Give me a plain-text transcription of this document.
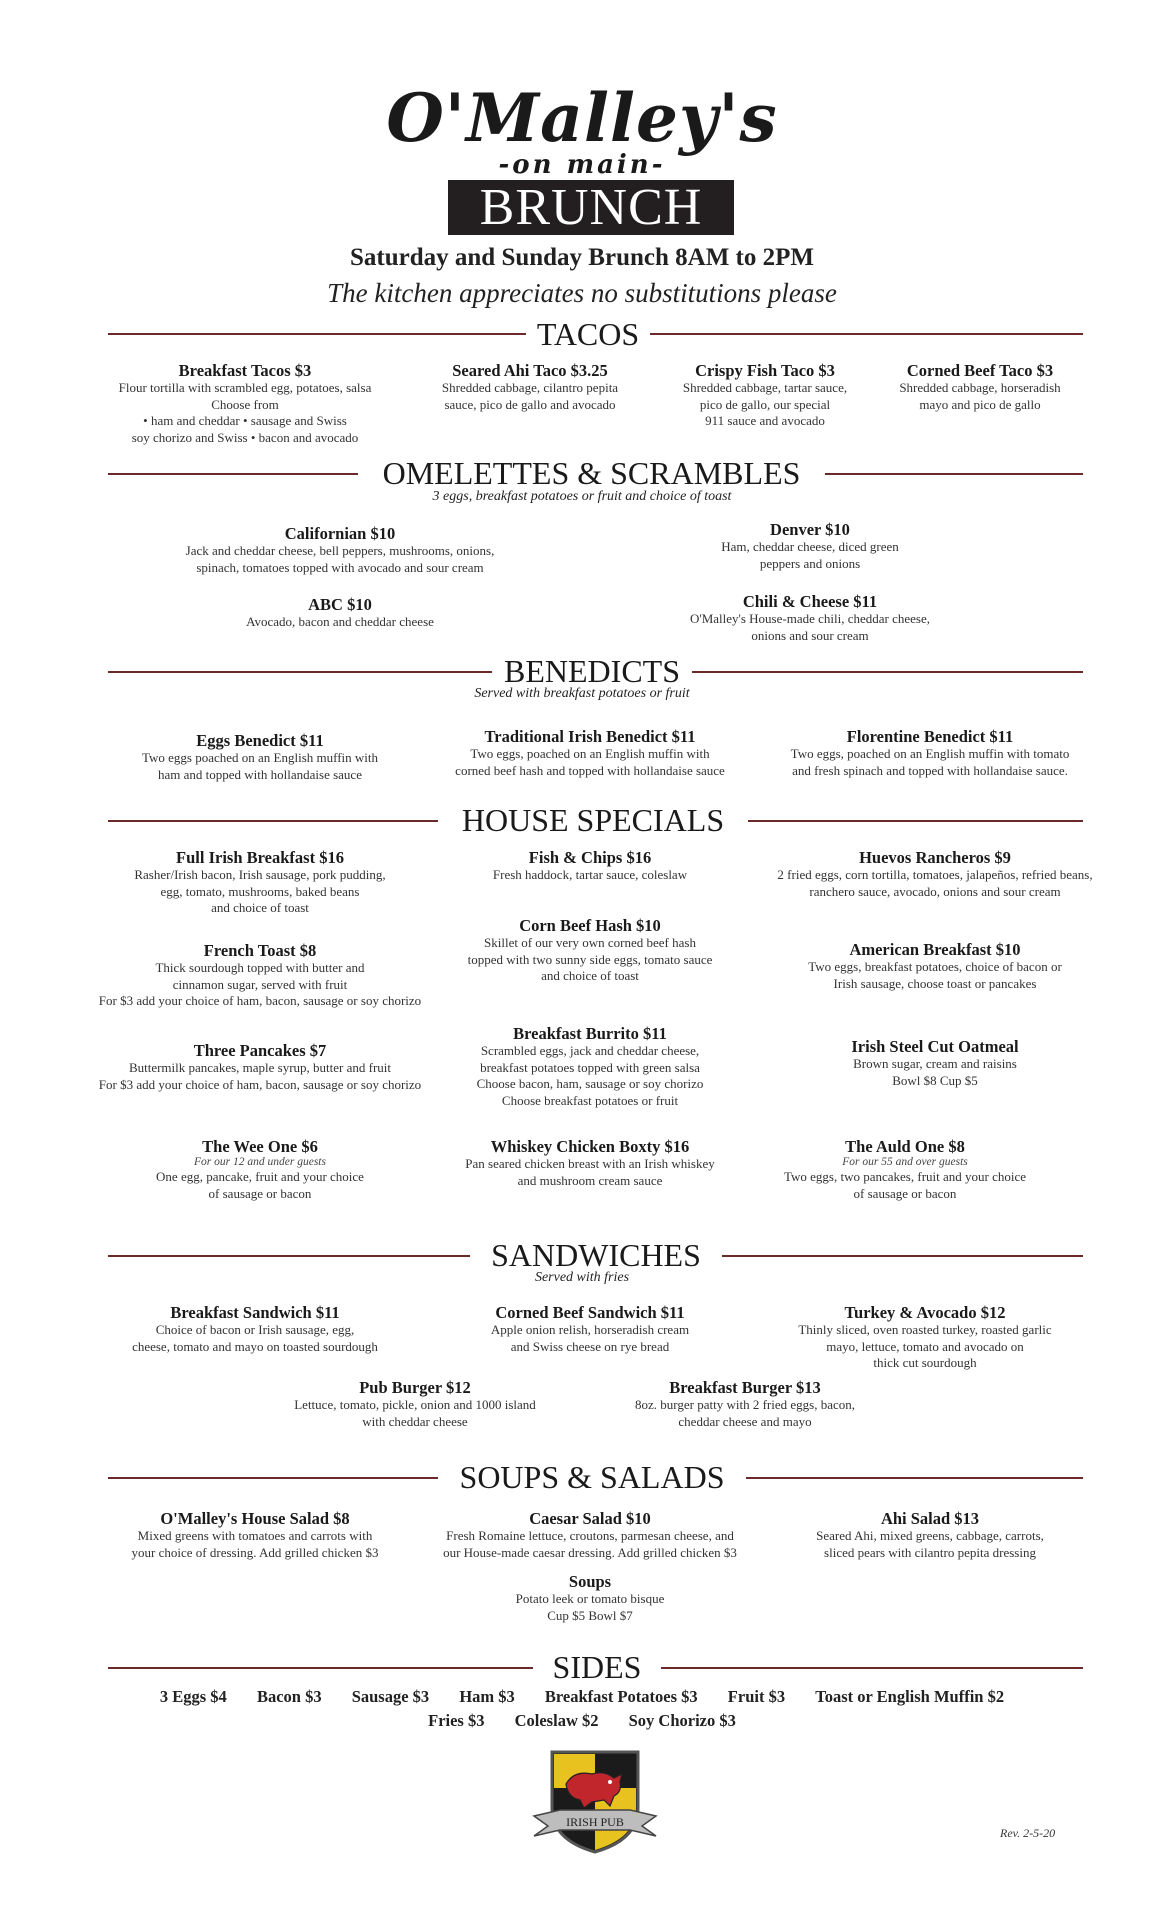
O'Malley's
-on main-
BRUNCH
Saturday and Sunday Brunch 8AM to 2PM
The kitchen appreciates no substitutions please
TACOS
Breakfast Tacos $3
Flour tortilla with scrambled egg, potatoes, salsa
Choose from
• ham and cheddar • sausage and Swiss
soy chorizo and Swiss • bacon and avocado
Seared Ahi Taco $3.25
Shredded cabbage, cilantro pepita
sauce, pico de gallo and avocado
Crispy Fish Taco $3
Shredded cabbage, tartar sauce,
pico de gallo, our special
911 sauce and avocado
Corned Beef Taco $3
Shredded cabbage, horseradish
mayo and pico de gallo
OMELETTES & SCRAMBLES
3 eggs, breakfast potatoes or fruit and choice of toast
Californian $10
Jack and cheddar cheese, bell peppers, mushrooms, onions,
spinach, tomatoes topped with avocado and sour cream
Denver $10
Ham, cheddar cheese, diced green
peppers and onions
ABC $10
Avocado, bacon and cheddar cheese
Chili & Cheese $11
O'Malley's House-made chili, cheddar cheese,
onions and sour cream
BENEDICTS
Served with breakfast potatoes or fruit
Eggs Benedict $11
Two eggs poached on an English muffin with
ham and topped with hollandaise sauce
Traditional Irish Benedict $11
Two eggs, poached on an English muffin with
corned beef hash and topped with hollandaise sauce
Florentine Benedict $11
Two eggs, poached on an English muffin with tomato
and fresh spinach and topped with hollandaise sauce.
HOUSE SPECIALS
Full Irish Breakfast $16
Rasher/Irish bacon, Irish sausage, pork pudding,
egg, tomato, mushrooms, baked beans
and choice of toast
Fish & Chips $16
Fresh haddock, tartar sauce, coleslaw
Huevos Rancheros $9
2 fried eggs, corn tortilla, tomatoes, jalapeños, refried beans,
ranchero sauce, avocado, onions and sour cream
Corn Beef Hash $10
Skillet of our very own corned beef hash
topped with two sunny side eggs, tomato sauce
and choice of toast
French Toast $8
Thick sourdough topped with butter and
cinnamon sugar, served with fruit
For $3 add your choice of ham, bacon, sausage or soy chorizo
American Breakfast $10
Two eggs, breakfast potatoes, choice of bacon or
Irish sausage, choose toast or pancakes
Breakfast Burrito $11
Scrambled eggs, jack and cheddar cheese,
breakfast potatoes topped with green salsa
Choose bacon, ham, sausage or soy chorizo
Choose breakfast potatoes or fruit
Three Pancakes $7
Buttermilk pancakes, maple syrup, butter and fruit
For $3 add your choice of ham, bacon, sausage or soy chorizo
Irish Steel Cut Oatmeal
Brown sugar, cream and raisins
Bowl $8 Cup $5
The Wee One $6
For our 12 and under guests
One egg, pancake, fruit and your choice
of sausage or bacon
Whiskey Chicken Boxty $16
Pan seared chicken breast with an Irish whiskey
and mushroom cream sauce
The Auld One $8
For our 55 and over guests
Two eggs, two pancakes, fruit and your choice
of sausage or bacon
SANDWICHES
Served with fries
Breakfast Sandwich $11
Choice of bacon or Irish sausage, egg,
cheese, tomato and mayo on toasted sourdough
Corned Beef Sandwich $11
Apple onion relish, horseradish cream
and Swiss cheese on rye bread
Turkey & Avocado $12
Thinly sliced, oven roasted turkey, roasted garlic
mayo, lettuce, tomato and avocado on
thick cut sourdough
Pub Burger $12
Lettuce, tomato, pickle, onion and 1000 island
with cheddar cheese
Breakfast Burger $13
8oz. burger patty with 2 fried eggs, bacon,
cheddar cheese and mayo
SOUPS & SALADS
O'Malley's House Salad $8
Mixed greens with tomatoes and carrots with
your choice of dressing. Add grilled chicken $3
Caesar Salad $10
Fresh Romaine lettuce, croutons, parmesan cheese, and
our House-made caesar dressing. Add grilled chicken $3
Ahi Salad $13
Seared Ahi, mixed greens, cabbage, carrots,
sliced pears with cilantro pepita dressing
Soups
Potato leek or tomato bisque
Cup $5 Bowl $7
SIDES
3 Eggs $4 Bacon $3 Sausage $3 Ham $3 Breakfast Potatoes $3 Fruit $3 Toast or English Muffin $2
Fries $3 Coleslaw $2 Soy Chorizo $3
IRISH PUB
Rev. 2-5-20
